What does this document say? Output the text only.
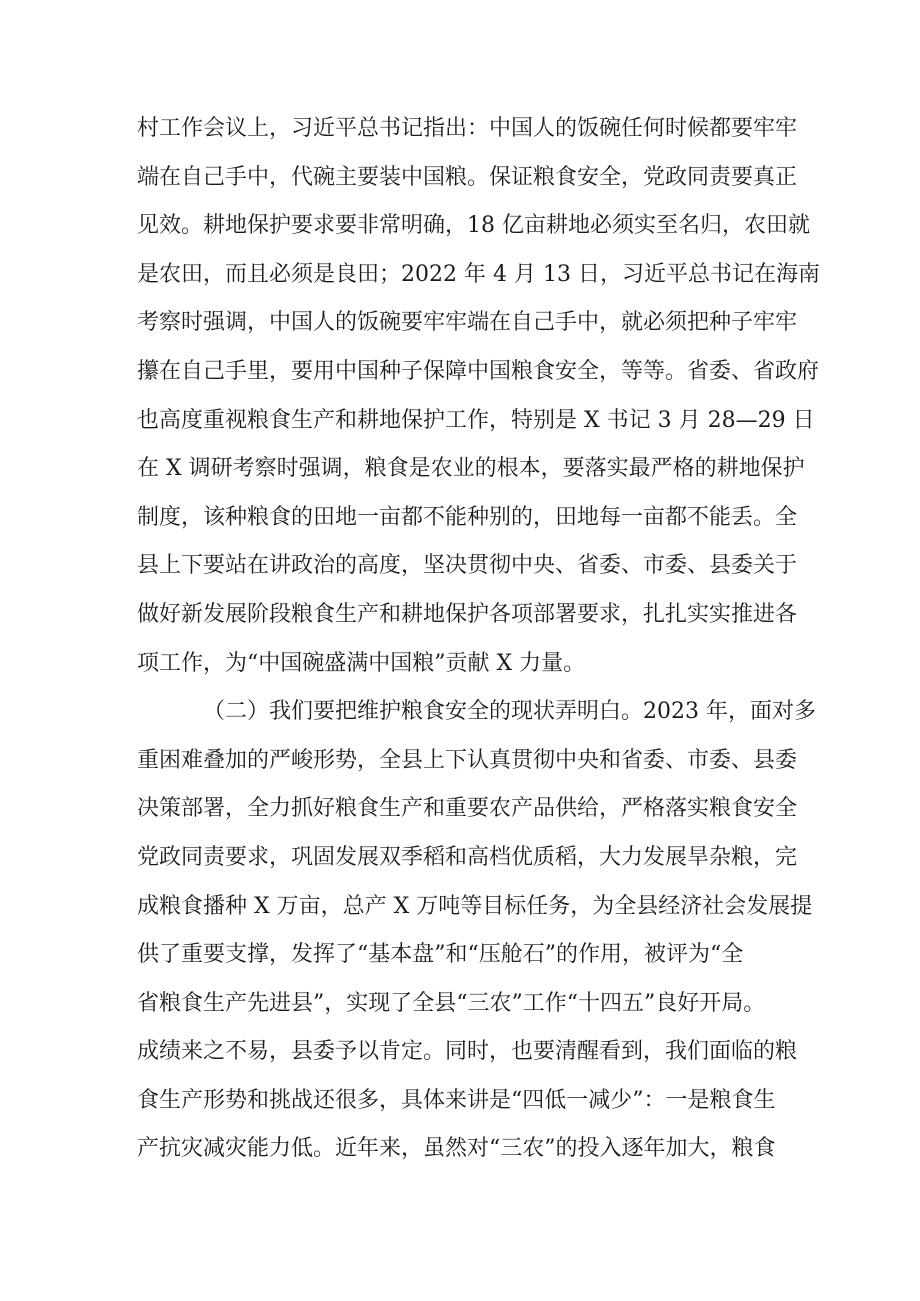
村工作会议上，习近平总书记指出：中国人的饭碗任何时候都要牢牢
端在自己手中，代碗主要装中国粮。保证粮食安全，党政同责要真正
见效。耕地保护要求要非常明确，18 亿亩耕地必须实至名归，农田就
是农田，而且必须是良田；2022 年 4 月 13 日，习近平总书记在海南
考察时强调，中国人的饭碗要牢牢端在自己手中，就必须把种子牢牢
攥在自己手里，要用中国种子保障中国粮食安全，等等。省委、省政府
也高度重视粮食生产和耕地保护工作，特别是 X 书记 3 月 28—29 日
在 X 调研考察时强调，粮食是农业的根本，要落实最严格的耕地保护
制度，该种粮食的田地一亩都不能种别的，田地每一亩都不能丢。全
县上下要站在讲政治的高度，坚决贯彻中央、省委、市委、县委关于
做好新发展阶段粮食生产和耕地保护各项部署要求，扎扎实实推进各
项工作，为“中国碗盛满中国粮”贡献 X 力量。
（二）我们要把维护粮食安全的现状弄明白。2023 年，面对多
重困难叠加的严峻形势，全县上下认真贯彻中央和省委、市委、县委
决策部署，全力抓好粮食生产和重要农产品供给，严格落实粮食安全
党政同责要求，巩固发展双季稻和高档优质稻，大力发展旱杂粮，完
成粮食播种 X 万亩，总产 X 万吨等目标任务，为全县经济社会发展提
供了重要支撑，发挥了“基本盘”和“压舱石”的作用，被评为“全
省粮食生产先进县”，实现了全县“三农”工作“十四五”良好开局。
成绩来之不易，县委予以肯定。同时，也要清醒看到，我们面临的粮
食生产形势和挑战还很多，具体来讲是“四低一减少”：一是粮食生
产抗灾减灾能力低。近年来，虽然对“三农”的投入逐年加大，粮食
